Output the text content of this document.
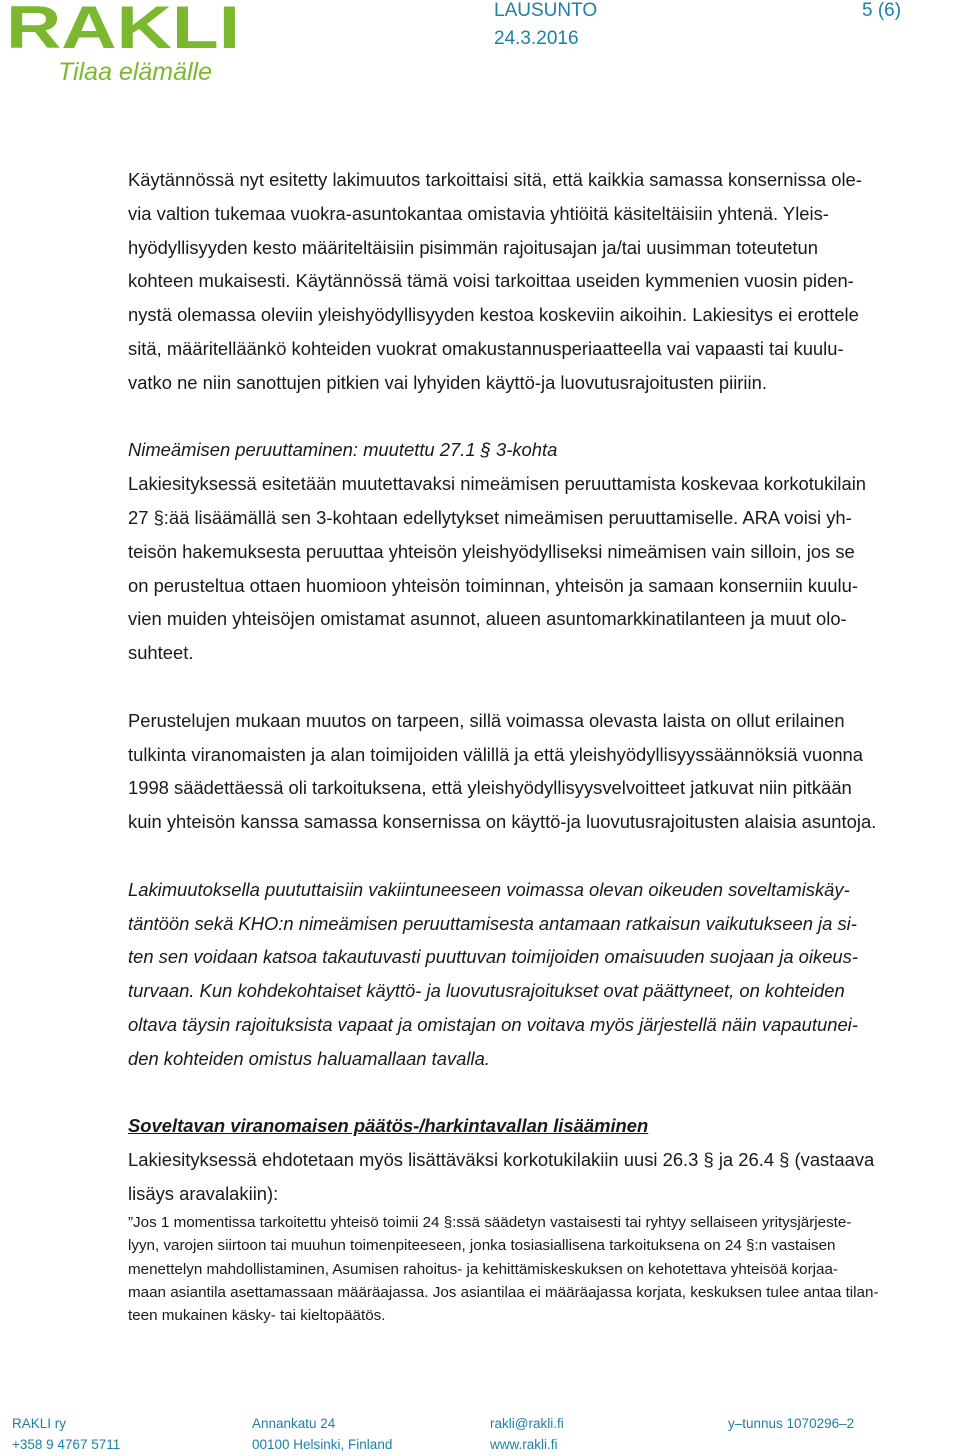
RAKLI
Tilaa elämälle
LAUSUNTO
24.3.2016
5 (6)

Käytännössä nyt esitetty lakimuutos tarkoittaisi sitä, että kaikkia samassa konsernissa ole-
via valtion tukemaa vuokra-asuntokantaa omistavia yhtiöitä käsiteltäisiin yhtenä. Yleis-
hyödyllisyyden kesto määriteltäisiin pisimmän rajoitusajan ja/tai uusimman toteutetun
kohteen mukaisesti. Käytännössä tämä voisi tarkoittaa useiden kymmenien vuosin piden-
nystä olemassa oleviin yleishyödyllisyyden kestoa koskeviin aikoihin. Lakiesitys ei erottele
sitä, määritelläänkö kohteiden vuokrat omakustannusperiaatteella vai vapaasti tai kuulu-
vatko ne niin sanottujen pitkien vai lyhyiden käyttö-ja luovutusrajoitusten piiriin.

Nimeämisen peruuttaminen: muutettu 27.1 § 3-kohta

Lakiesityksessä esitetään muutettavaksi nimeämisen peruuttamista koskevaa korkotukilain
27 §:ää lisäämällä sen 3-kohtaan edellytykset nimeämisen peruuttamiselle. ARA voisi yh-
teisön hakemuksesta peruuttaa yhteisön yleishyödylliseksi nimeämisen vain silloin, jos se
on perusteltua ottaen huomioon yhteisön toiminnan, yhteisön ja samaan konserniin kuulu-
vien muiden yhteisöjen omistamat asunnot, alueen asuntomarkkinatilanteen ja muut olo-
suhteet.

Perustelujen mukaan muutos on tarpeen, sillä voimassa olevasta laista on ollut erilainen
tulkinta viranomaisten ja alan toimijoiden välillä ja että yleishyödyllisyyssäännöksiä vuonna
1998 säädettäessä oli tarkoituksena, että yleishyödyllisyysvelvoitteet jatkuvat niin pitkään
kuin yhteisön kanssa samassa konsernissa on käyttö-ja luovutusrajoitusten alaisia asuntoja.

Lakimuutoksella puututtaisiin vakiintuneeseen voimassa olevan oikeuden soveltamiskäy-
täntöön sekä KHO:n nimeämisen peruuttamisesta antamaan ratkaisun vaikutukseen ja si-
ten sen voidaan katsoa takautuvasti puuttuvan toimijoiden omaisuuden suojaan ja oikeus-
turvaan. Kun kohdekohtaiset käyttö- ja luovutusrajoitukset ovat päättyneet, on kohteiden
oltava täysin rajoituksista vapaat ja omistajan on voitava myös järjestellä näin vapautunei-
den kohteiden omistus haluamallaan tavalla.

Soveltavan viranomaisen päätös-/harkintavallan lisääminen

Lakiesityksessä ehdotetaan myös lisättäväksi korkotukilakiin uusi 26.3 § ja 26.4 § (vastaava
lisäys aravalakiin):

”Jos 1 momentissa tarkoitettu yhteisö toimii 24 §:ssä säädetyn vastaisesti tai ryhtyy sellaiseen yritysjärjeste-
lyyn, varojen siirtoon tai muuhun toimenpiteeseen, jonka tosiasiallisena tarkoituksena on 24 §:n vastaisen
menettelyn mahdollistaminen, Asumisen rahoitus- ja kehittämiskeskuksen on kehotettava yhteisöä korjaa-
maan asiantila asettamassaan määräajassa. Jos asiantilaa ei määräajassa korjata, keskuksen tulee antaa tilan-
teen mukainen käsky- tai kieltopäätös.

RAKLI ry
+358 9 4767 5711
Annankatu 24
00100 Helsinki, Finland
rakli@rakli.fi
www.rakli.fi
y–tunnus 1070296–2
